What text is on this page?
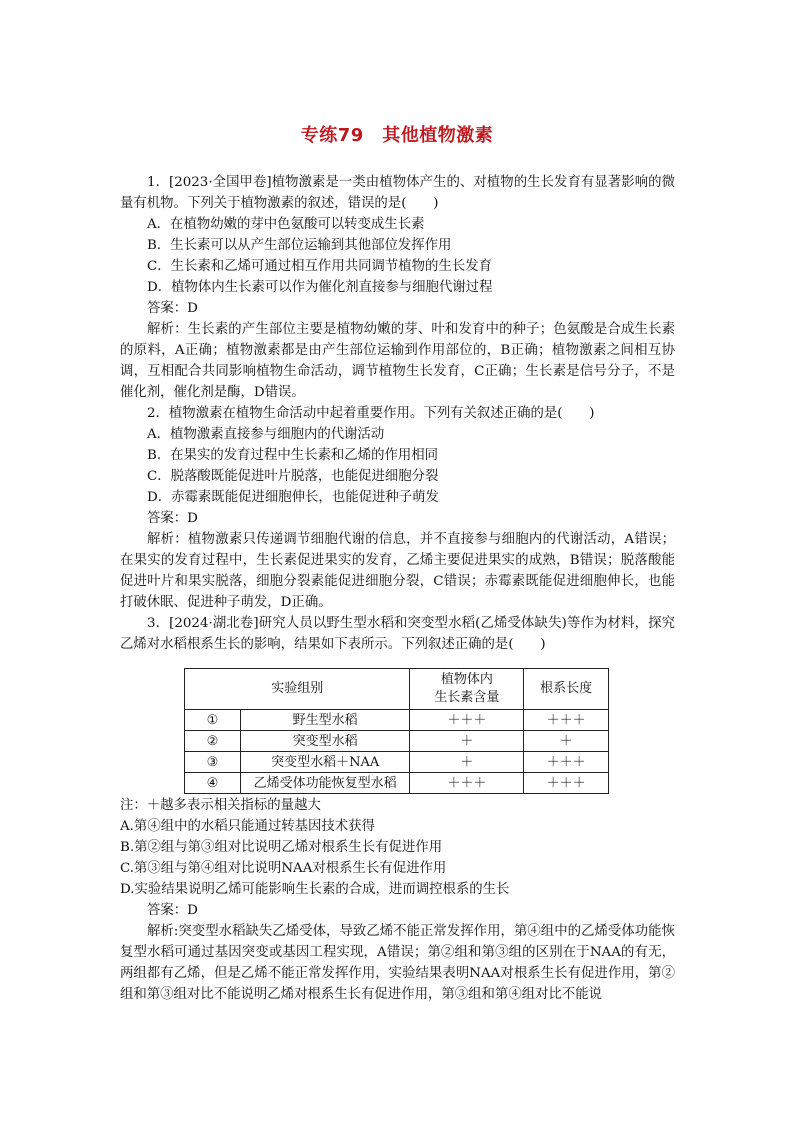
专练79　其他植物激素

1．[2023·全国甲卷]植物激素是一类由植物体产生的、对植物的生长发育有显著影响的微量有机物。下列关于植物激素的叙述，错误的是(　　)

A．在植物幼嫩的芽中色氨酸可以转变成生长素

B．生长素可以从产生部位运输到其他部位发挥作用

C．生长素和乙烯可通过相互作用共同调节植物的生长发育

D．植物体内生长素可以作为催化剂直接参与细胞代谢过程

答案：D

解析：生长素的产生部位主要是植物幼嫩的芽、叶和发育中的种子；色氨酸是合成生长素的原料，A正确；植物激素都是由产生部位运输到作用部位的，B正确；植物激素之间相互协调，互相配合共同影响植物生命活动，调节植物生长发育，C正确；生长素是信号分子，不是催化剂，催化剂是酶，D错误。

2．植物激素在植物生命活动中起着重要作用。下列有关叙述正确的是(　　)

A．植物激素直接参与细胞内的代谢活动

B．在果实的发育过程中生长素和乙烯的作用相同

C．脱落酸既能促进叶片脱落，也能促进细胞分裂

D．赤霉素既能促进细胞伸长，也能促进种子萌发

答案：D

解析：植物激素只传递调节细胞代谢的信息，并不直接参与细胞内的代谢活动，A错误；在果实的发育过程中，生长素促进果实的发育，乙烯主要促进果实的成熟，B错误；脱落酸能促进叶片和果实脱落，细胞分裂素能促进细胞分裂，C错误；赤霉素既能促进细胞伸长，也能打破休眠、促进种子萌发，D正确。

3．[2024·湖北卷]研究人员以野生型水稻和突变型水稻(乙烯受体缺失)等作为材料，探究乙烯对水稻根系生长的影响，结果如下表所示。下列叙述正确的是(　　)

实验组别		植物体内
生长素含量	根系长度
①	野生型水稻	＋＋＋	＋＋＋
②	突变型水稻	＋	＋
③	突变型水稻＋NAA	＋	＋＋＋
④	乙烯受体功能恢复型水稻	＋＋＋	＋＋＋

注：＋越多表示相关指标的量越大

A.第④组中的水稻只能通过转基因技术获得

B.第②组与第③组对比说明乙烯对根系生长有促进作用

C.第③组与第④组对比说明NAA对根系生长有促进作用

D.实验结果说明乙烯可能影响生长素的合成，进而调控根系的生长

答案：D

解析:突变型水稻缺失乙烯受体，导致乙烯不能正常发挥作用，第④组中的乙烯受体功能恢复型水稻可通过基因突变或基因工程实现，A错误；第②组和第③组的区别在于NAA的有无，两组都有乙烯，但是乙烯不能正常发挥作用，实验结果表明NAA对根系生长有促进作用，第②组和第③组对比不能说明乙烯对根系生长有促进作用，第③组和第④组对比不能说
